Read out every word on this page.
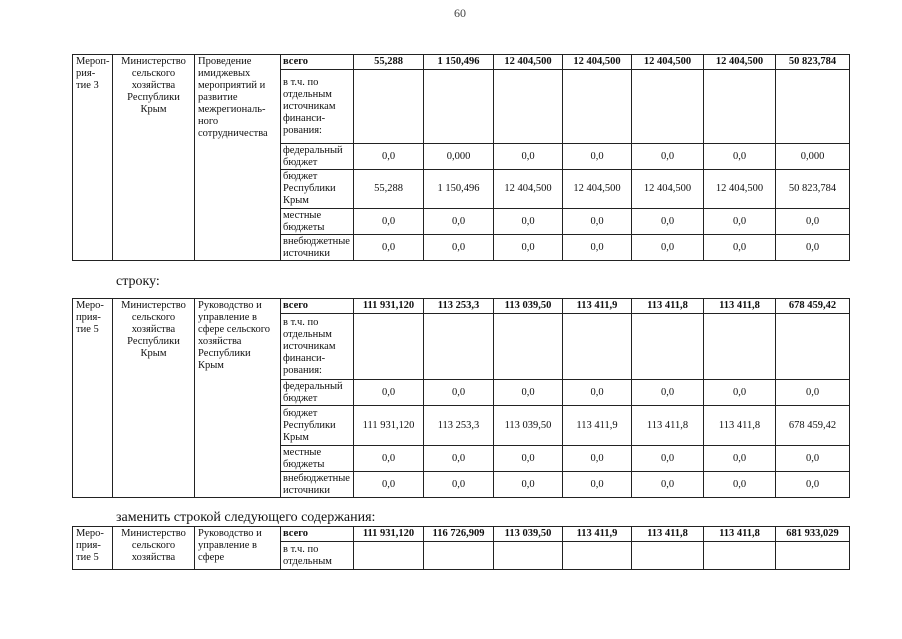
60
Мероп-рия-тие 3	Министерство сельского хозяйства Республики Крым	Проведение имиджевых мероприятий и развитие межрегиональ-ного сотрудничества	всего	55,288	1 150,496	12 404,500	12 404,500	12 404,500	12 404,500	50 823,784
			в т.ч. по отдельным источникам финанси-рования:							
			федеральный бюджет	0,0	0,000	0,0	0,0	0,0	0,0	0,000
			бюджет Республики Крым	55,288	1 150,496	12 404,500	12 404,500	12 404,500	12 404,500	50 823,784
			местные бюджеты	0,0	0,0	0,0	0,0	0,0	0,0	0,0
			внебюджетные источники	0,0	0,0	0,0	0,0	0,0	0,0	0,0
строку:
Меро-прия-тие 5	Министерство сельского хозяйства Республики Крым	Руководство и управление в сфере сельского хозяйства Республики Крым	всего	111 931,120	113 253,3	113 039,50	113 411,9	113 411,8	113 411,8	678 459,42
			в т.ч. по отдельным источникам финанси-рования:							
			федеральный бюджет	0,0	0,0	0,0	0,0	0,0	0,0	0,0
			бюджет Республики Крым	111 931,120	113 253,3	113 039,50	113 411,9	113 411,8	113 411,8	678 459,42
			местные бюджеты	0,0	0,0	0,0	0,0	0,0	0,0	0,0
			внебюджетные источники	0,0	0,0	0,0	0,0	0,0	0,0	0,0
заменить строкой следующего содержания:
Меро-прия-тие 5	Министерство сельского хозяйства	Руководство и управление в сфере	всего	111 931,120	116 726,909	113 039,50	113 411,9	113 411,8	113 411,8	681 933,029
			в т.ч. по отдельным							
